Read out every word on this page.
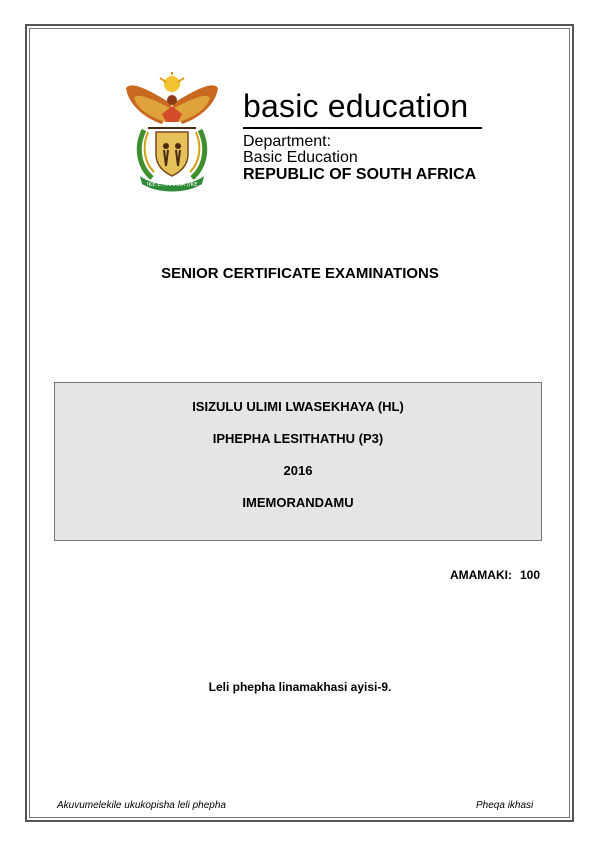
!KE E: /XARRA //KE
basic education
Department:
Basic Education
REPUBLIC OF SOUTH AFRICA
SENIOR CERTIFICATE EXAMINATIONS
ISIZULU ULIMI LWASEKHAYA (HL)
IPHEPHA LESITHATHU (P3)
2016
IMEMORANDAMU
AMAMAKI: 100
Leli phepha linamakhasi ayisi-9.
Akuvumelekile ukukopisha leli phepha	Pheqa ikhasi
